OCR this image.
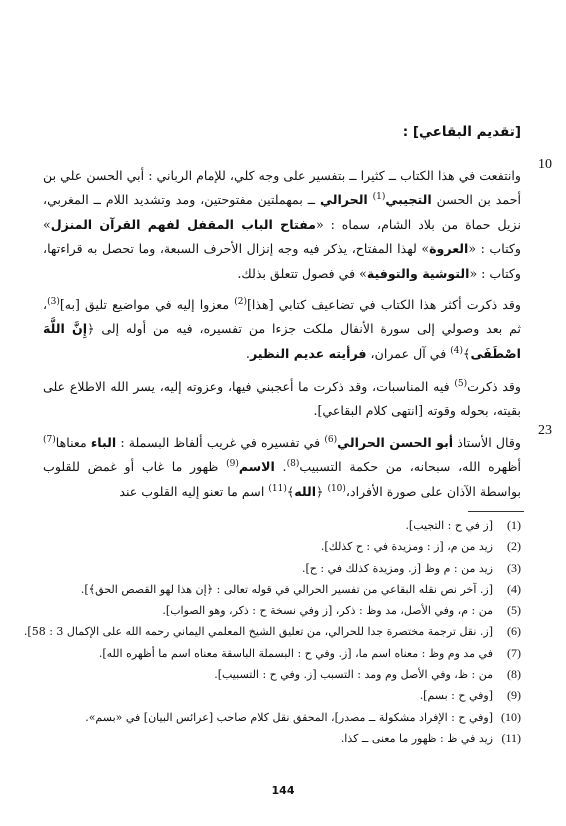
[تقديم البقاعي] :
10
23

وانتفعت في هذا الكتاب ــ كثيرا ــ بتفسير على وجه كلي، للإمام الرباني : أبي الحسن علي بن أحمد بن الحسن التجيبي$^{(1)}$ الحرالي ــ بمهملتين مفتوحتين، ومد وتشديد اللام ــ المغربي، نزيل حماة من بلاد الشام، سماه : «مفتاح الباب المقفل لفهم القرآن المنزل» وكتاب : «العروة» لهذا المفتاح، يذكر فيه وجه إنزال الأحرف السبعة، وما تحصل به قراءتها، وكتاب : «التوشية والتوفية» في فصول تتعلق بذلك.

وقد ذكرت أكثر هذا الكتاب في تضاعيف كتابي [هذا]$^{(2)}$ معزوا إليه في مواضيع تليق [به]$^{(3)}$، ثم بعد وصولي إلى سورة الأنفال ملكت جزءا من تفسيره، فيه من أوله إلى ﴿إِنَّ اللَّهَ اصْطَفَى﴾$^{(4)}$ في آل عمران، فرأيته عديم النظير.

وقد ذكرت$^{(5)}$ فيه المناسبات، وقد ذكرت ما أعجبني فيها، وعزوته إليه، يسر الله الاطلاع على بقيته، بحوله وقوته [انتهى كلام البقاعي].

وقال الأستاذ أبو الحسن الحرالي$^{(6)}$ في تفسيره في غريب ألفاظ البسملة : الباء معناها$^{(7)}$ أظهره الله، سبحانه، من حكمة التسبيب$^{(8)}$. الاسم$^{(9)}$ ظهور ما غاب أو غمض للقلوب بواسطة الآذان على صورة الأفراد،$^{(10)}$ ﴿الله﴾$^{(11)}$ اسم ما تعنو إليه القلوب عند

(1)[ز في ح : التجيب].
(2)زيد من م، [ز : ومزيدة في : ح كذلك].
(3)زيد من : م وظ [ز. ومزيدة كذلك في : ح].
(4)[ز. آخر نص نقله البقاعي من تفسير الحرالي في قوله تعالى : ﴿إن هذا لهو القصص الحق﴾].
(5)من : م، وفي الأصل، مد وظ : ذكر، [ز وفي نسخة ح : ذكر، وهو الصواب].
(6)[ز. نقل ترجمة مختصرة جدا للحرالي، من تعليق الشيخ المعلمي اليماني رحمه الله على الإكمال 3 : 58].
(7)في مد وم وظ : معناه اسم ما، [ز. وفي ح : البسملة الباسقة معناه اسم ما أظهره الله].
(8)من : ظ، وفي الأصل وم ومد : التسبب [ز. وفي ح : التسبيب].
(9)[وفي ح : بسم].
(10)[وفي ح : الإفراد مشكولة ــ مصدر]، المحقق نقل كلام صاحب [عرائس البيان] في «بسم».
(11)زيد في ظ : ظهور ما معنى ــ كذا.
144
